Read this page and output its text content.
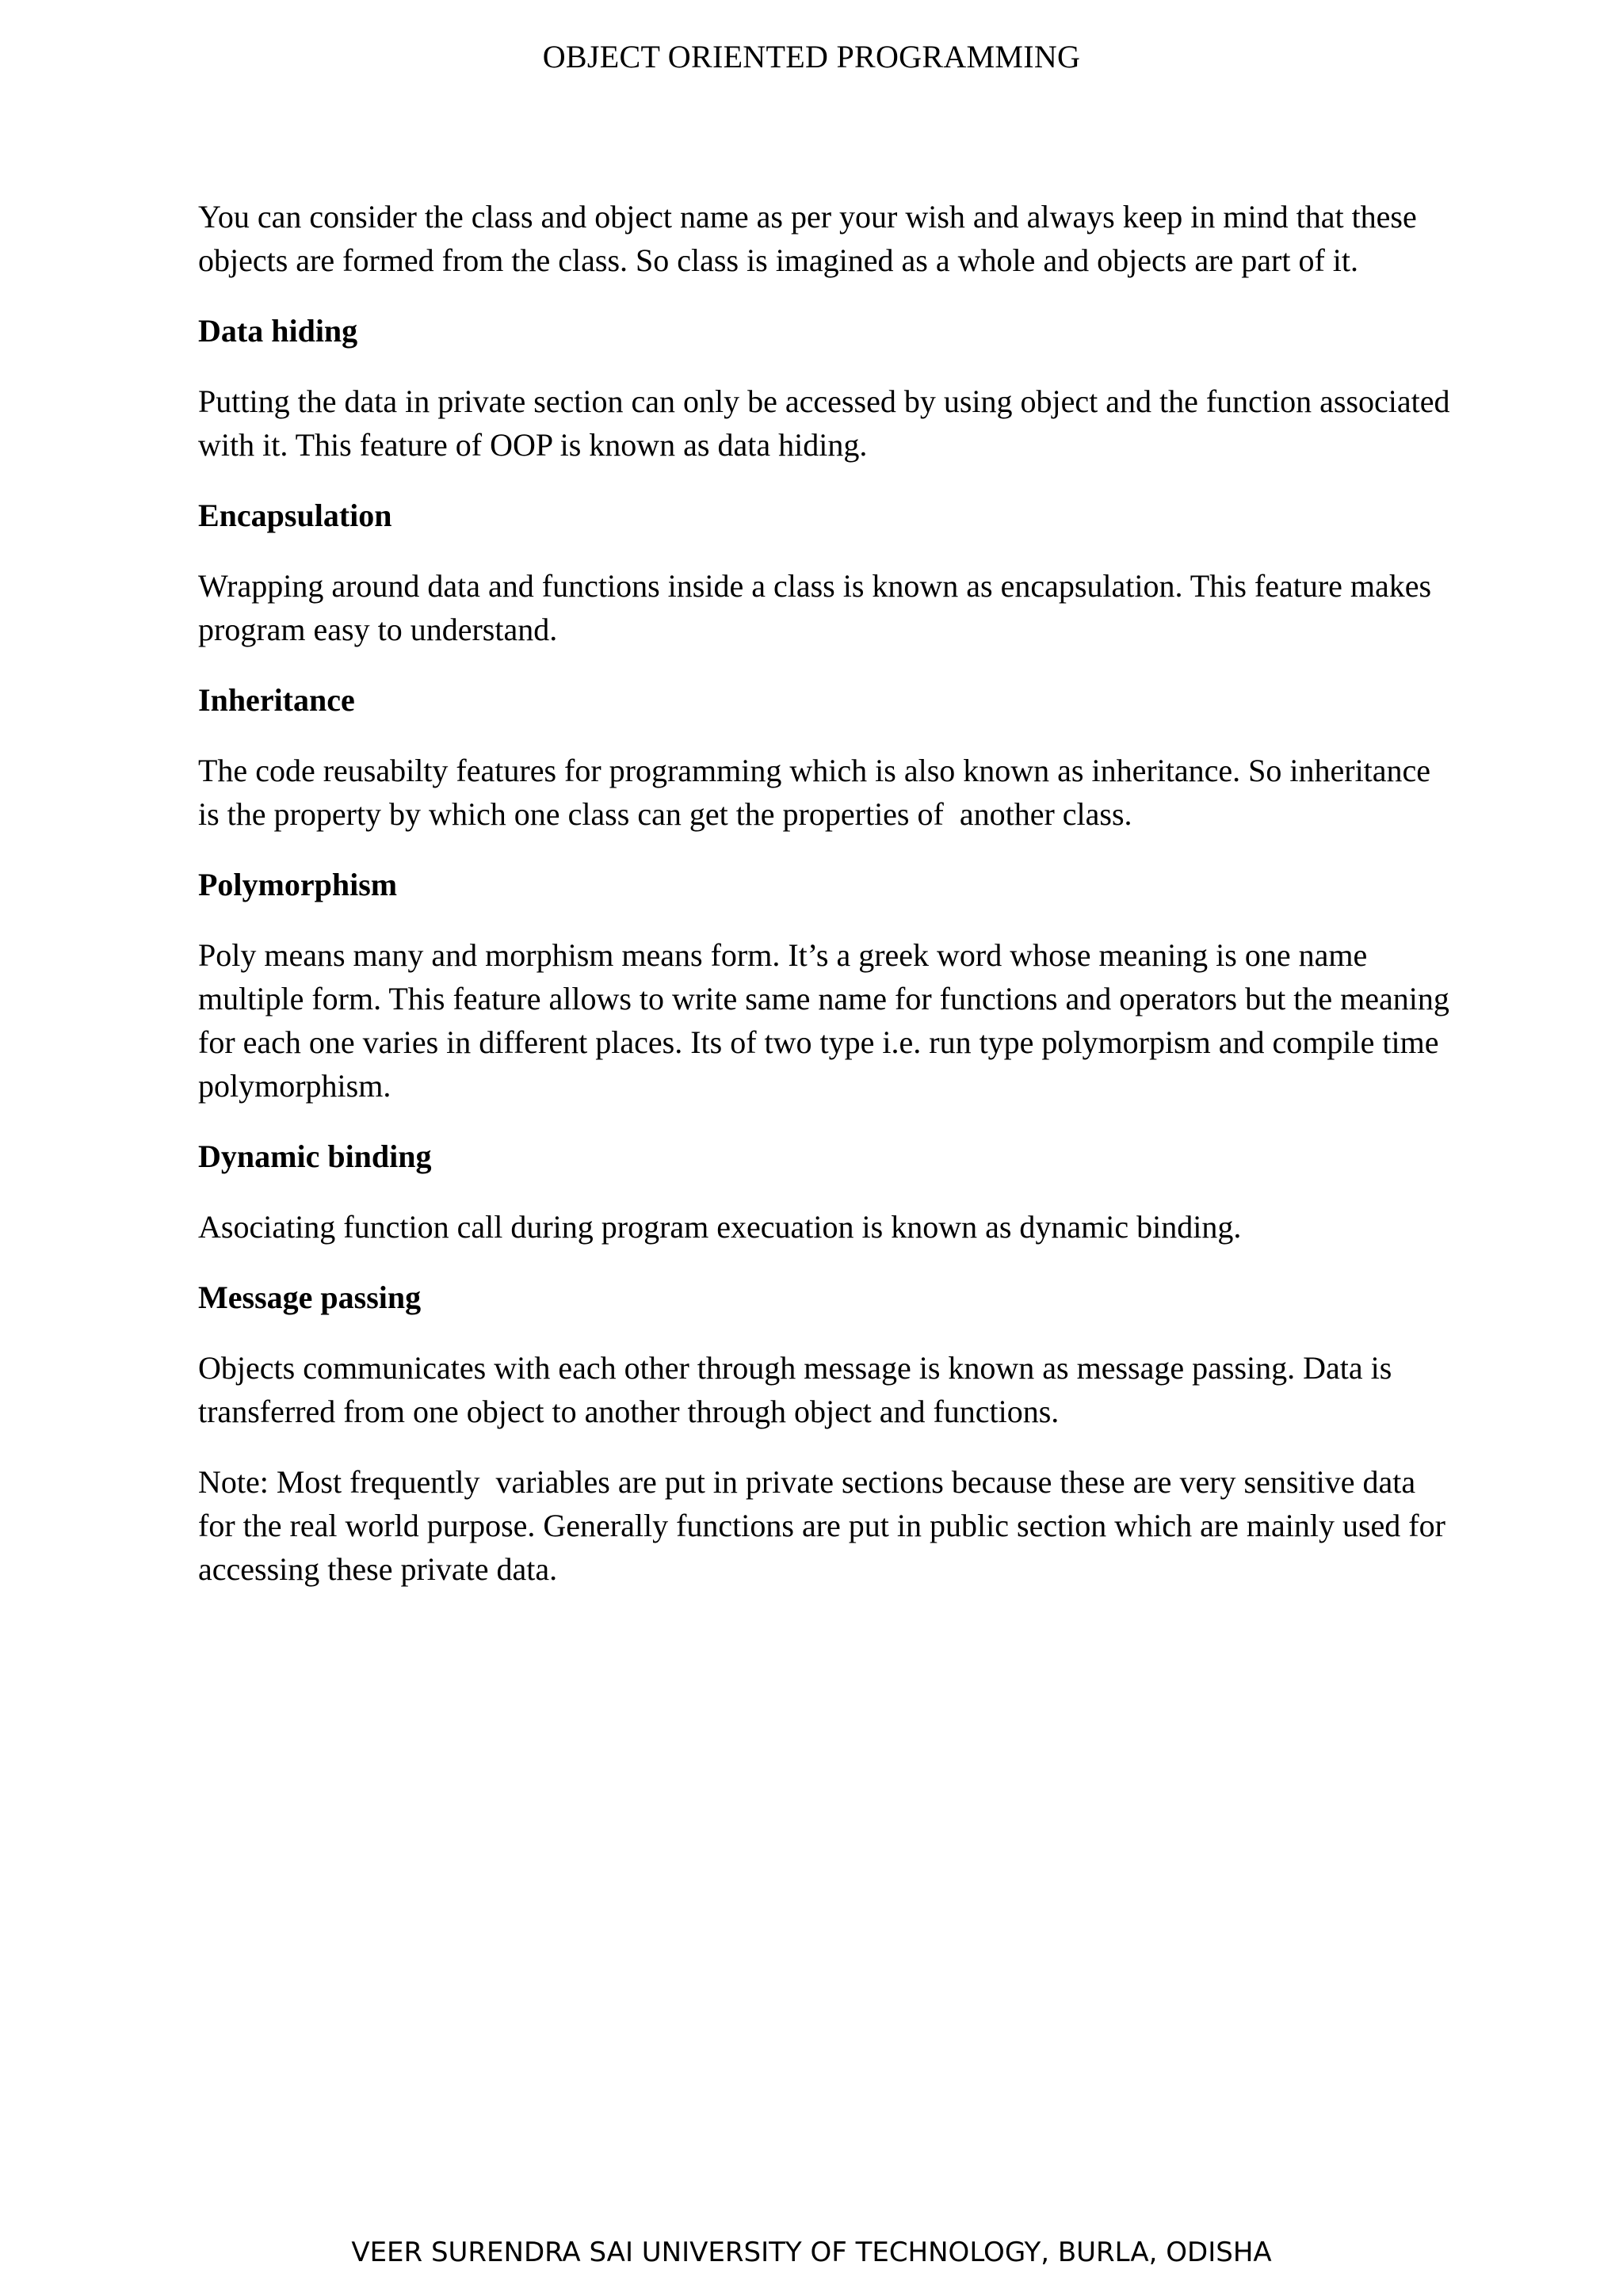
OBJECT ORIENTED PROGRAMMING

You can consider the class and object name as per your wish and always keep in mind that these objects are formed from the class. So class is imagined as a whole and objects are part of it.

Data hiding

Putting the data in private section can only be accessed by using object and the function associated with it. This feature of OOP is known as data hiding.

Encapsulation

Wrapping around data and functions inside a class is known as encapsulation. This feature makes program easy to understand.

Inheritance

The code reusabilty features for programming which is also known as inheritance. So inheritance is the property by which one class can get the properties of  another class.

Polymorphism

Poly means many and morphism means form. It’s a greek word whose meaning is one name multiple form. This feature allows to write same name for functions and operators but the meaning for each one varies in different places. Its of two type i.e. run type polymorpism and compile time polymorphism.

Dynamic binding

Asociating function call during program execuation is known as dynamic binding.

Message passing

Objects communicates with each other through message is known as message passing. Data is transferred from one object to another through object and functions.

Note: Most frequently  variables are put in private sections because these are very sensitive data for the real world purpose. Generally functions are put in public section which are mainly used for accessing these private data.

VEER SURENDRA SAI UNIVERSITY OF TECHNOLOGY, BURLA, ODISHA
